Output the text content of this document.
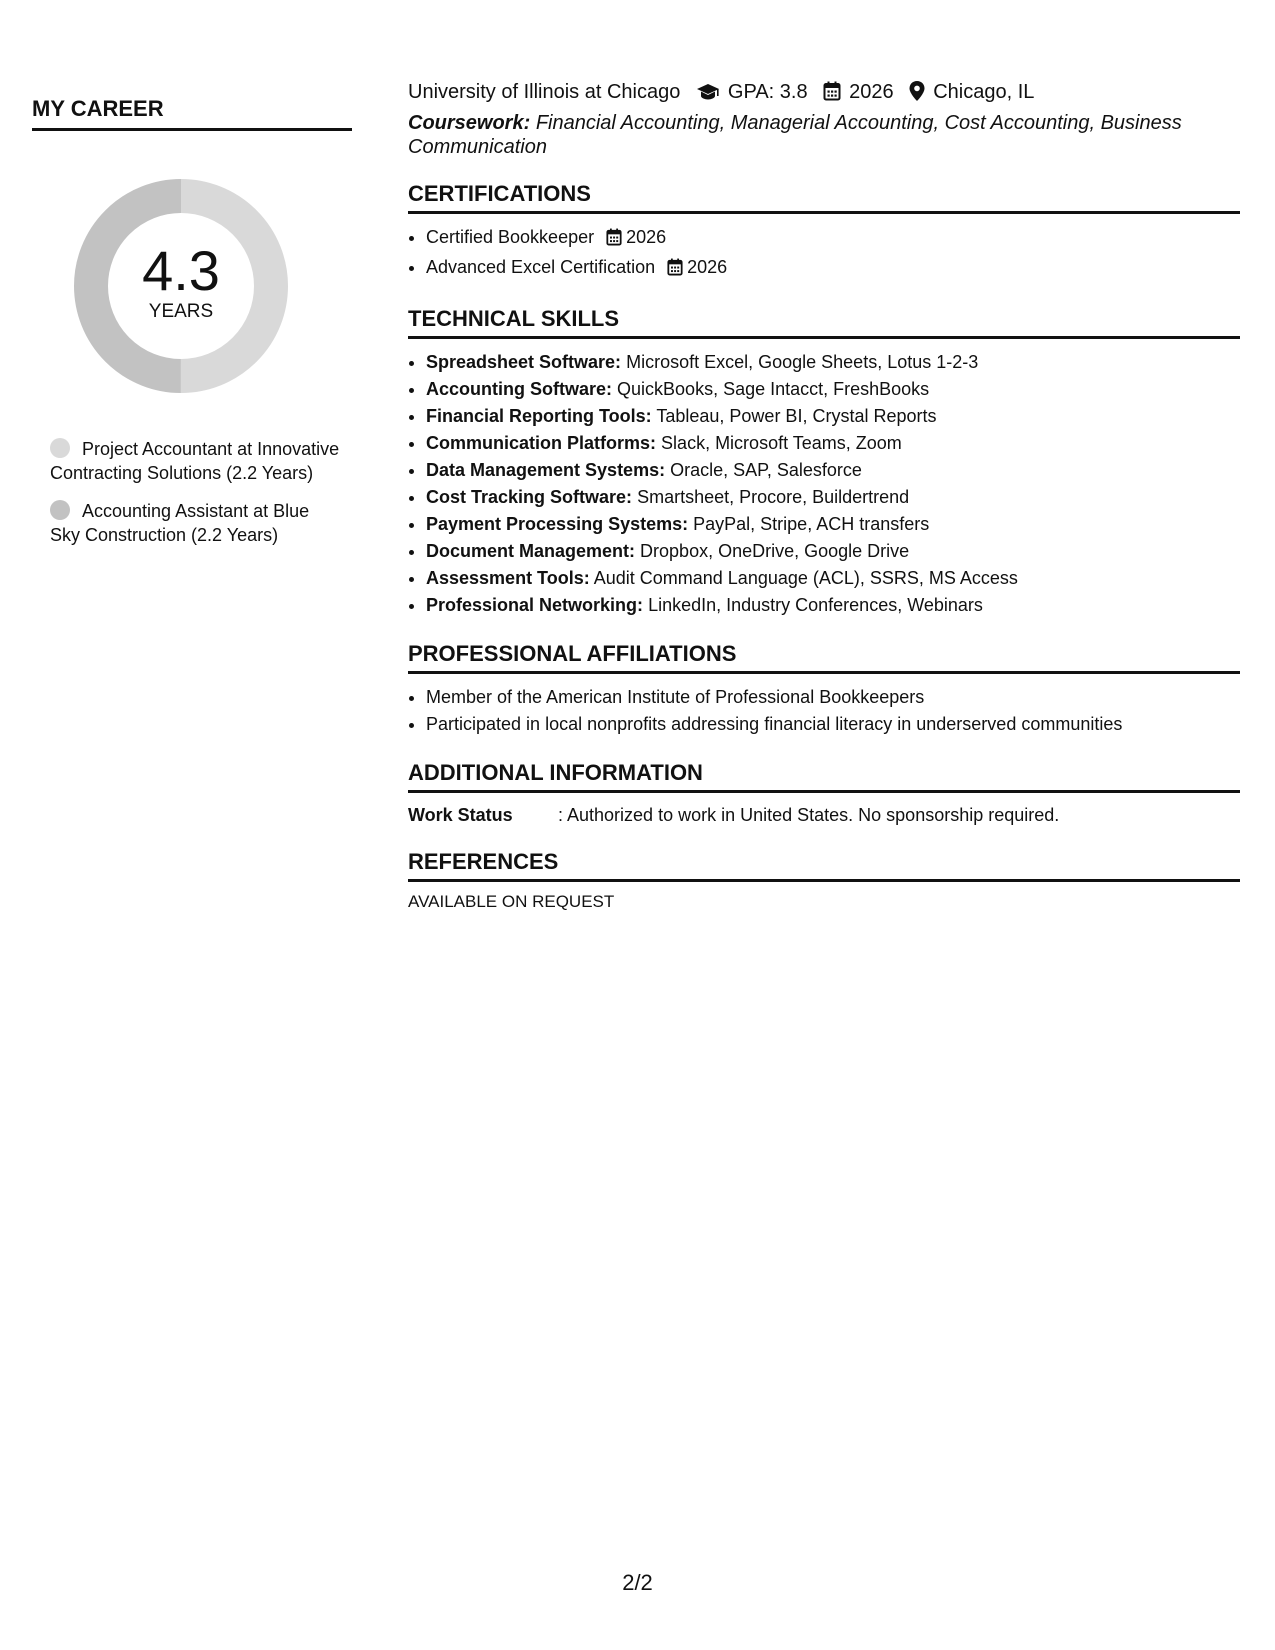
MY CAREER
4.3
YEARS
Project Accountant at Innovative Contracting Solutions (2.2 Years)
Accounting Assistant at Blue Sky Construction (2.2 Years)
University of Illinois at Chicago GPA: 3.8 2026 Chicago, IL
Coursework: Financial Accounting, Managerial Accounting, Cost Accounting, Business Communication
CERTIFICATIONS
• Certified Bookkeeper 2026
• Advanced Excel Certification 2026
TECHNICAL SKILLS
• Spreadsheet Software: Microsoft Excel, Google Sheets, Lotus 1-2-3
• Accounting Software: QuickBooks, Sage Intacct, FreshBooks
• Financial Reporting Tools: Tableau, Power BI, Crystal Reports
• Communication Platforms: Slack, Microsoft Teams, Zoom
• Data Management Systems: Oracle, SAP, Salesforce
• Cost Tracking Software: Smartsheet, Procore, Buildertrend
• Payment Processing Systems: PayPal, Stripe, ACH transfers
• Document Management: Dropbox, OneDrive, Google Drive
• Assessment Tools: Audit Command Language (ACL), SSRS, MS Access
• Professional Networking: LinkedIn, Industry Conferences, Webinars
PROFESSIONAL AFFILIATIONS
• Member of the American Institute of Professional Bookkeepers
• Participated in local nonprofits addressing financial literacy in underserved communities
ADDITIONAL INFORMATION
Work Status	: Authorized to work in United States. No sponsorship required.
REFERENCES
AVAILABLE ON REQUEST
2/2
